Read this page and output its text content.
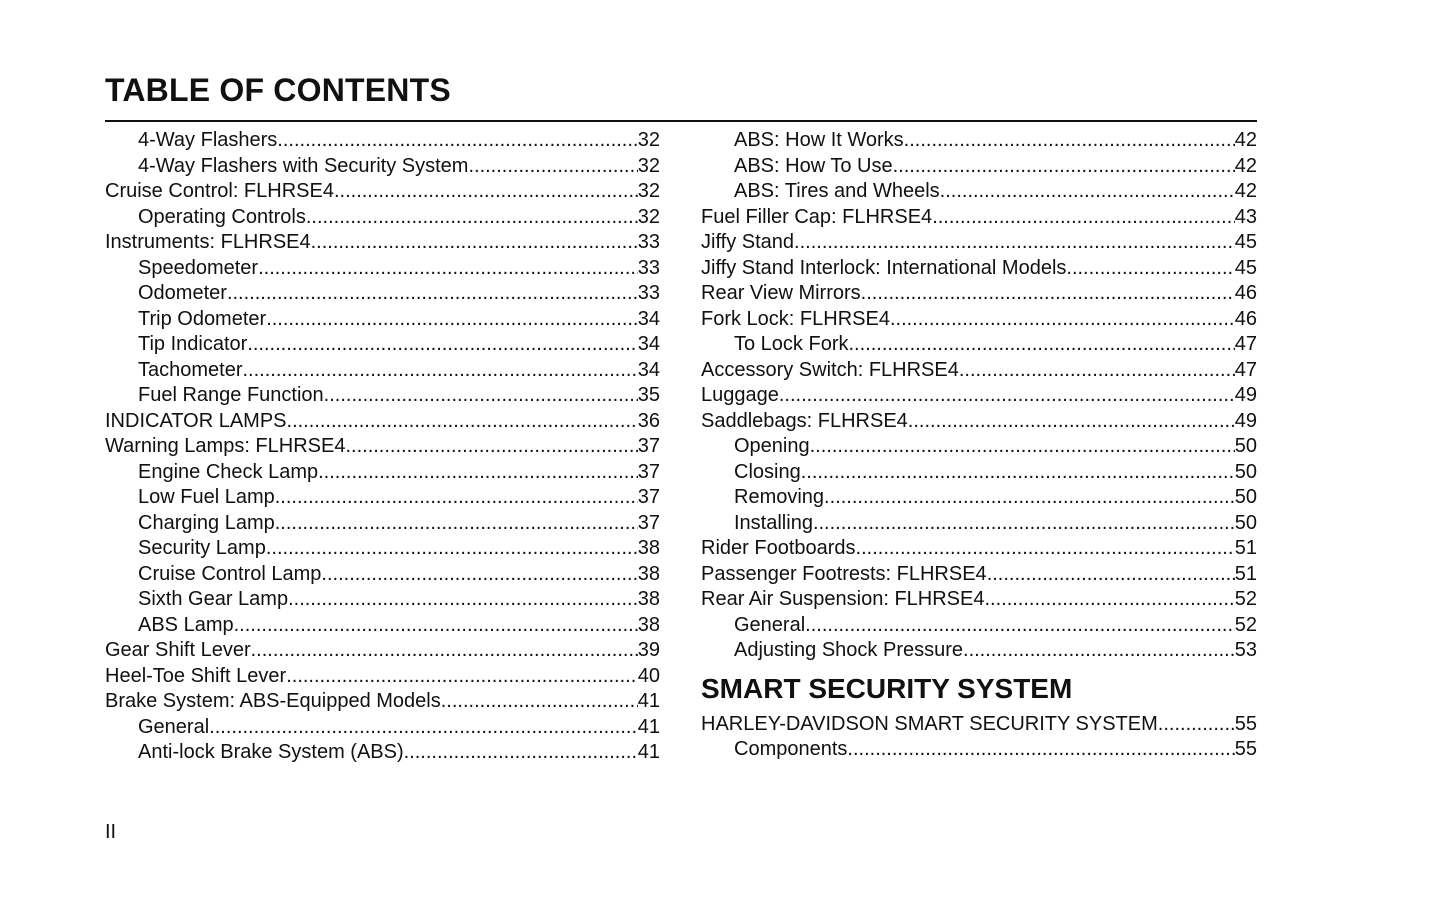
TABLE OF CONTENTS
4-Way Flashers .....	32
4-Way Flashers with Security System .....	32
Cruise Control: FLHRSE4 .....	32
Operating Controls .....	32
Instruments: FLHRSE4 .....	33
Speedometer .....	33
Odometer .....	33
Trip Odometer .....	34
Tip Indicator .....	34
Tachometer .....	34
Fuel Range Function .....	35
INDICATOR LAMPS .....	36
Warning Lamps: FLHRSE4 .....	37
Engine Check Lamp .....	37
Low Fuel Lamp .....	37
Charging Lamp .....	37
Security Lamp .....	38
Cruise Control Lamp .....	38
Sixth Gear Lamp .....	38
ABS Lamp .....	38
Gear Shift Lever .....	39
Heel-Toe Shift Lever .....	40
Brake System: ABS-Equipped Models .....	41
General .....	41
Anti-lock Brake System (ABS) .....	41
ABS: How It Works .....	42
ABS: How To Use .....	42
ABS: Tires and Wheels .....	42
Fuel Filler Cap: FLHRSE4 .....	43
Jiffy Stand .....	45
Jiffy Stand Interlock: International Models .....	45
Rear View Mirrors .....	46
Fork Lock: FLHRSE4 .....	46
To Lock Fork .....	47
Accessory Switch: FLHRSE4 .....	47
Luggage .....	49
Saddlebags: FLHRSE4 .....	49
Opening .....	50
Closing .....	50
Removing .....	50
Installing .....	50
Rider Footboards .....	51
Passenger Footrests: FLHRSE4 .....	51
Rear Air Suspension: FLHRSE4 .....	52
General .....	52
Adjusting Shock Pressure .....	53
SMART SECURITY SYSTEM
HARLEY-DAVIDSON SMART SECURITY SYSTEM .....	55
Components .....	55
II
